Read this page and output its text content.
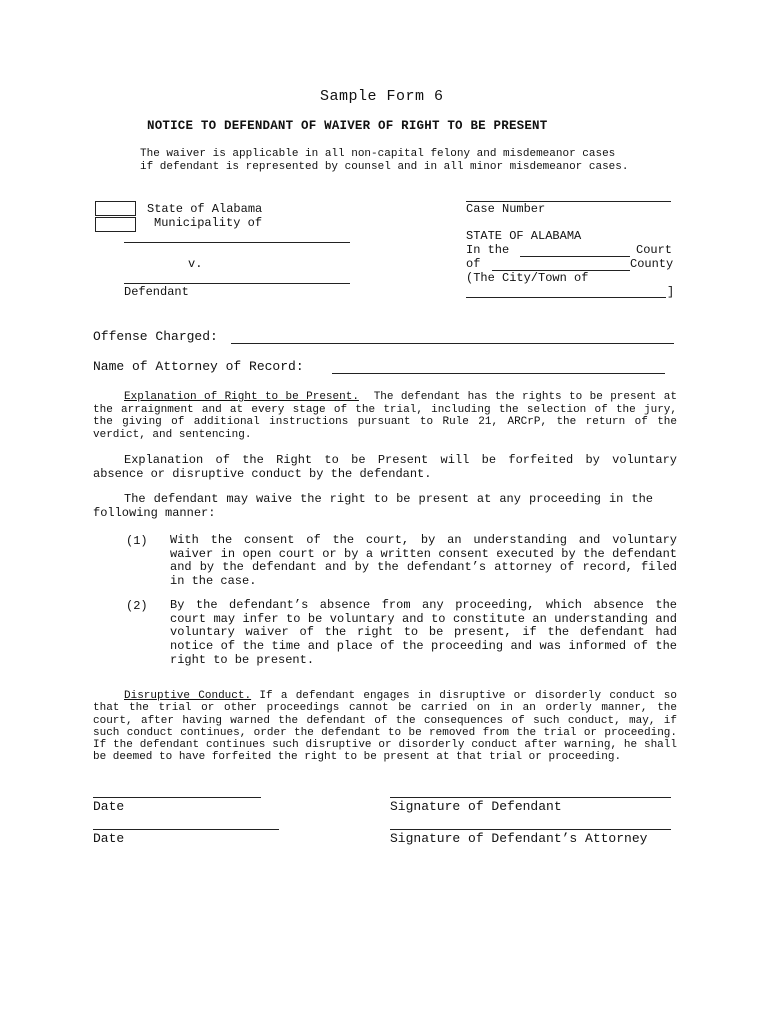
Sample Form 6
NOTICE TO DEFENDANT OF WAIVER OF RIGHT TO BE PRESENT
The waiver is applicable in all non-capital felony and misdemeanor cases
if defendant is represented by counsel and in all minor misdemeanor cases.
State of Alabama
Municipality of
v.
Defendant
Case Number
STATE OF ALABAMA
In the	Court
of	County
(The City/Town of
]
Offense Charged:
Name of Attorney of Record:
Explanation of Right to be Present. The defendant has the rights to be present at the arraignment and at every stage of the trial, including the selection of the jury, the giving of additional instructions pursuant to Rule 21, ARCrP, the return of the verdict, and sentencing.
Explanation of the Right to be Present will be forfeited by voluntary absence or disruptive conduct by the defendant.
The defendant may waive the right to be present at any proceeding in the following manner:
(1) With the consent of the court, by an understanding and voluntary waiver in open court or by a written consent executed by the defendant and by the defendant and by the defendant’s attorney of record, filed in the case.
(2) By the defendant’s absence from any proceeding, which absence the court may infer to be voluntary and to constitute an understanding and voluntary waiver of the right to be present, if the defendant had notice of the time and place of the proceeding and was informed of the right to be present.
Disruptive Conduct. If a defendant engages in disruptive or disorderly conduct so that the trial or other proceedings cannot be carried on in an orderly manner, the court, after having warned the defendant of the consequences of such conduct, may, if such conduct continues, order the defendant to be removed from the trial or proceeding. If the defendant continues such disruptive or disorderly conduct after warning, he shall be deemed to have forfeited the right to be present at that trial or proceeding.
Date	Signature of Defendant
Date	Signature of Defendant’s Attorney
